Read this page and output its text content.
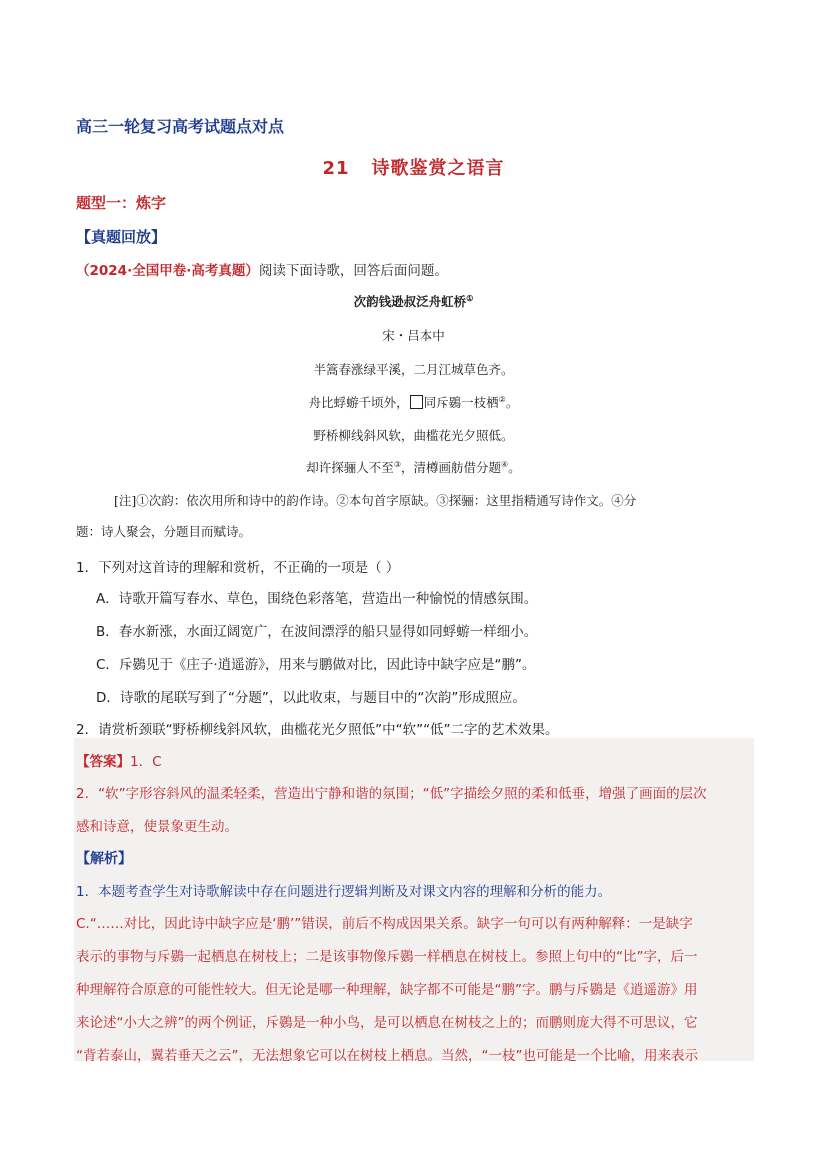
高三一轮复习高考试题点对点
21 诗歌鉴赏之语言
题型一：炼字
【真题回放】
（2024·全国甲卷·高考真题）阅读下面诗歌，回答后面问题。
次韵钱逊叔泛舟虹桥①
宋・吕本中
半篙春涨绿平溪，二月江城草色齐。
舟比蜉蝣千顷外， 同斥鷃一枝栖②。
野桥柳线斜风软，曲槛花光夕照低。
却许探骊人不至③，清樽画舫借分题④。
[注]①次韵：依次用所和诗中的韵作诗。②本句首字原缺。③探骊：这里指精通写诗作文。④分
题：诗人聚会，分题目而赋诗。
1．下列对这首诗的理解和赏析，不正确的一项是（ ）
A．诗歌开篇写春水、草色，围绕色彩落笔，营造出一种愉悦的情感氛围。
B．春水新涨，水面辽阔宽广，在波间漂浮的船只显得如同蜉蝣一样细小。
C．斥鷃见于《庄子·逍遥游》，用来与鹏做对比，因此诗中缺字应是“鹏”。
D．诗歌的尾联写到了“分题”，以此收束，与题目中的“次韵”形成照应。
2．请赏析颈联“野桥柳线斜风软，曲槛花光夕照低”中“软”“低”二字的艺术效果。
【答案】1．C
2．“软”字形容斜风的温柔轻柔，营造出宁静和谐的氛围；“低”字描绘夕照的柔和低垂，增强了画面的层次
感和诗意，使景象更生动。
【解析】
1．本题考查学生对诗歌解读中存在问题进行逻辑判断及对课文内容的理解和分析的能力。
C.“……对比，因此诗中缺字应是‘鹏’”错误，前后不构成因果关系。缺字一句可以有两种解释：一是缺字
表示的事物与斥鷃一起栖息在树枝上；二是该事物像斥鷃一样栖息在树枝上。参照上句中的“比”字，后一
种理解符合原意的可能性较大。但无论是哪一种理解，缺字都不可能是“鹏”字。鹏与斥鷃是《逍遥游》用
来论述“小大之辨”的两个例证，斥鷃是一种小鸟，是可以栖息在树枝之上的；而鹏则庞大得不可思议，它
“背若泰山，翼若垂天之云”，无法想象它可以在树枝上栖息。当然，“一枝”也可能是一个比喻，用来表示
